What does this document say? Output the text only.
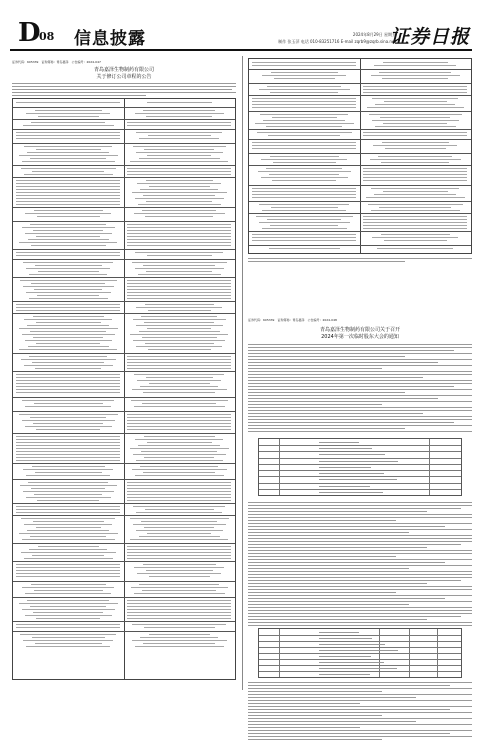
D
08 信息披露	2024年8月29日 星期五
制作 张玉萍 电话 010-83251716 E-mail zqrb9@zqrb.sina.net
证券日报
证券代码：605339　证券简称：青岛嘉泽　公告编号：2024-047
青岛嘉泽生物制药有限公司
关于修订公司章程的公告
证券代码：605339　证券简称：青岛嘉泽　公告编号：2024-048
青岛嘉泽生物制药有限公司关于召开
2024年第一次临时股东大会的通知
